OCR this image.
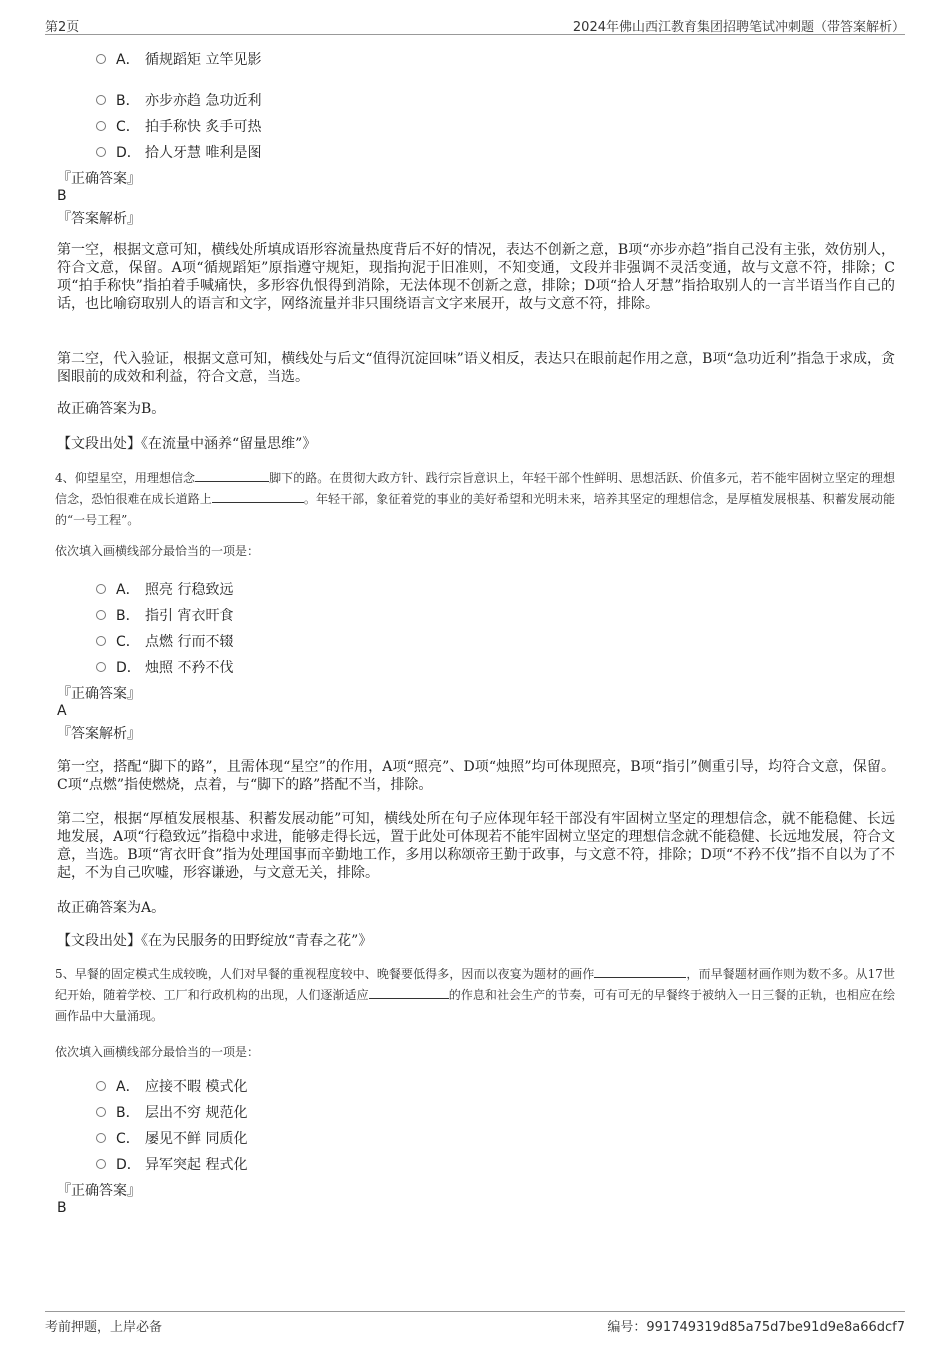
第2页	2024年佛山西江教育集团招聘笔试冲刺题（带答案解析）
A． 循规蹈矩 立竿见影
B． 亦步亦趋 急功近利
C． 拍手称快 炙手可热
D． 拾人牙慧 唯利是图
『正确答案』
B
『答案解析』

第一空，根据文意可知，横线处所填成语形容流量热度背后不好的情况，表达不创新之意，B项“亦步亦趋”指自己没有主张，效仿别人，符合文意，保留。A项“循规蹈矩”原指遵守规矩，现指拘泥于旧准则，不知变通，文段并非强调不灵活变通，故与文意不符，排除；C项“拍手称快”指拍着手喊痛快，多形容仇恨得到消除，无法体现不创新之意，排除；D项“拾人牙慧”指拾取别人的一言半语当作自己的话，也比喻窃取别人的语言和文字，网络流量并非只围绕语言文字来展开，故与文意不符，排除。

第二空，代入验证，根据文意可知，横线处与后文“值得沉淀回味”语义相反，表达只在眼前起作用之意，B项“急功近利”指急于求成，贪图眼前的成效和利益，符合文意，当选。

故正确答案为B。

【文段出处】《在流量中涵养“留量思维”》

4、仰望星空，用理想信念	脚下的路。在贯彻大政方针、践行宗旨意识上，年轻干部个性鲜明、思想活跃、价值多元，若不能牢固树立坚定的理想信念，恐怕很难在成长道路上	。年轻干部，象征着党的事业的美好希望和光明未来，培养其坚定的理想信念，是厚植发展根基、积蓄发展动能的“一号工程”。

依次填入画横线部分最恰当的一项是：
A． 照亮 行稳致远
B． 指引 宵衣旰食
C． 点燃 行而不辍
D． 烛照 不矜不伐
『正确答案』
A
『答案解析』

第一空，搭配“脚下的路”，且需体现“星空”的作用，A项“照亮”、D项“烛照”均可体现照亮，B项“指引”侧重引导，均符合文意，保留。C项“点燃”指使燃烧，点着，与“脚下的路”搭配不当，排除。

第二空，根据“厚植发展根基、积蓄发展动能”可知，横线处所在句子应体现年轻干部没有牢固树立坚定的理想信念，就不能稳健、长远地发展，A项“行稳致远”指稳中求进，能够走得长远，置于此处可体现若不能牢固树立坚定的理想信念就不能稳健、长远地发展，符合文意，当选。B项“宵衣旰食”指为处理国事而辛勤地工作，多用以称颂帝王勤于政事，与文意不符，排除；D项“不矜不伐”指不自以为了不起，不为自己吹嘘，形容谦逊，与文意无关，排除。

故正确答案为A。

【文段出处】《在为民服务的田野绽放“青春之花”》

5、早餐的固定模式生成较晚，人们对早餐的重视程度较中、晚餐要低得多，因而以夜宴为题材的画作	，而早餐题材画作则为数不多。从17世纪开始，随着学校、工厂和行政机构的出现，人们逐渐适应	的作息和社会生产的节奏，可有可无的早餐终于被纳入一日三餐的正轨，也相应在绘画作品中大量涌现。

依次填入画横线部分最恰当的一项是：
A． 应接不暇 模式化
B． 层出不穷 规范化
C． 屡见不鲜 同质化
D． 异军突起 程式化
『正确答案』
B
考前押题，上岸必备	编号：991749319d85a75d7be91d9e8a66dcf7
